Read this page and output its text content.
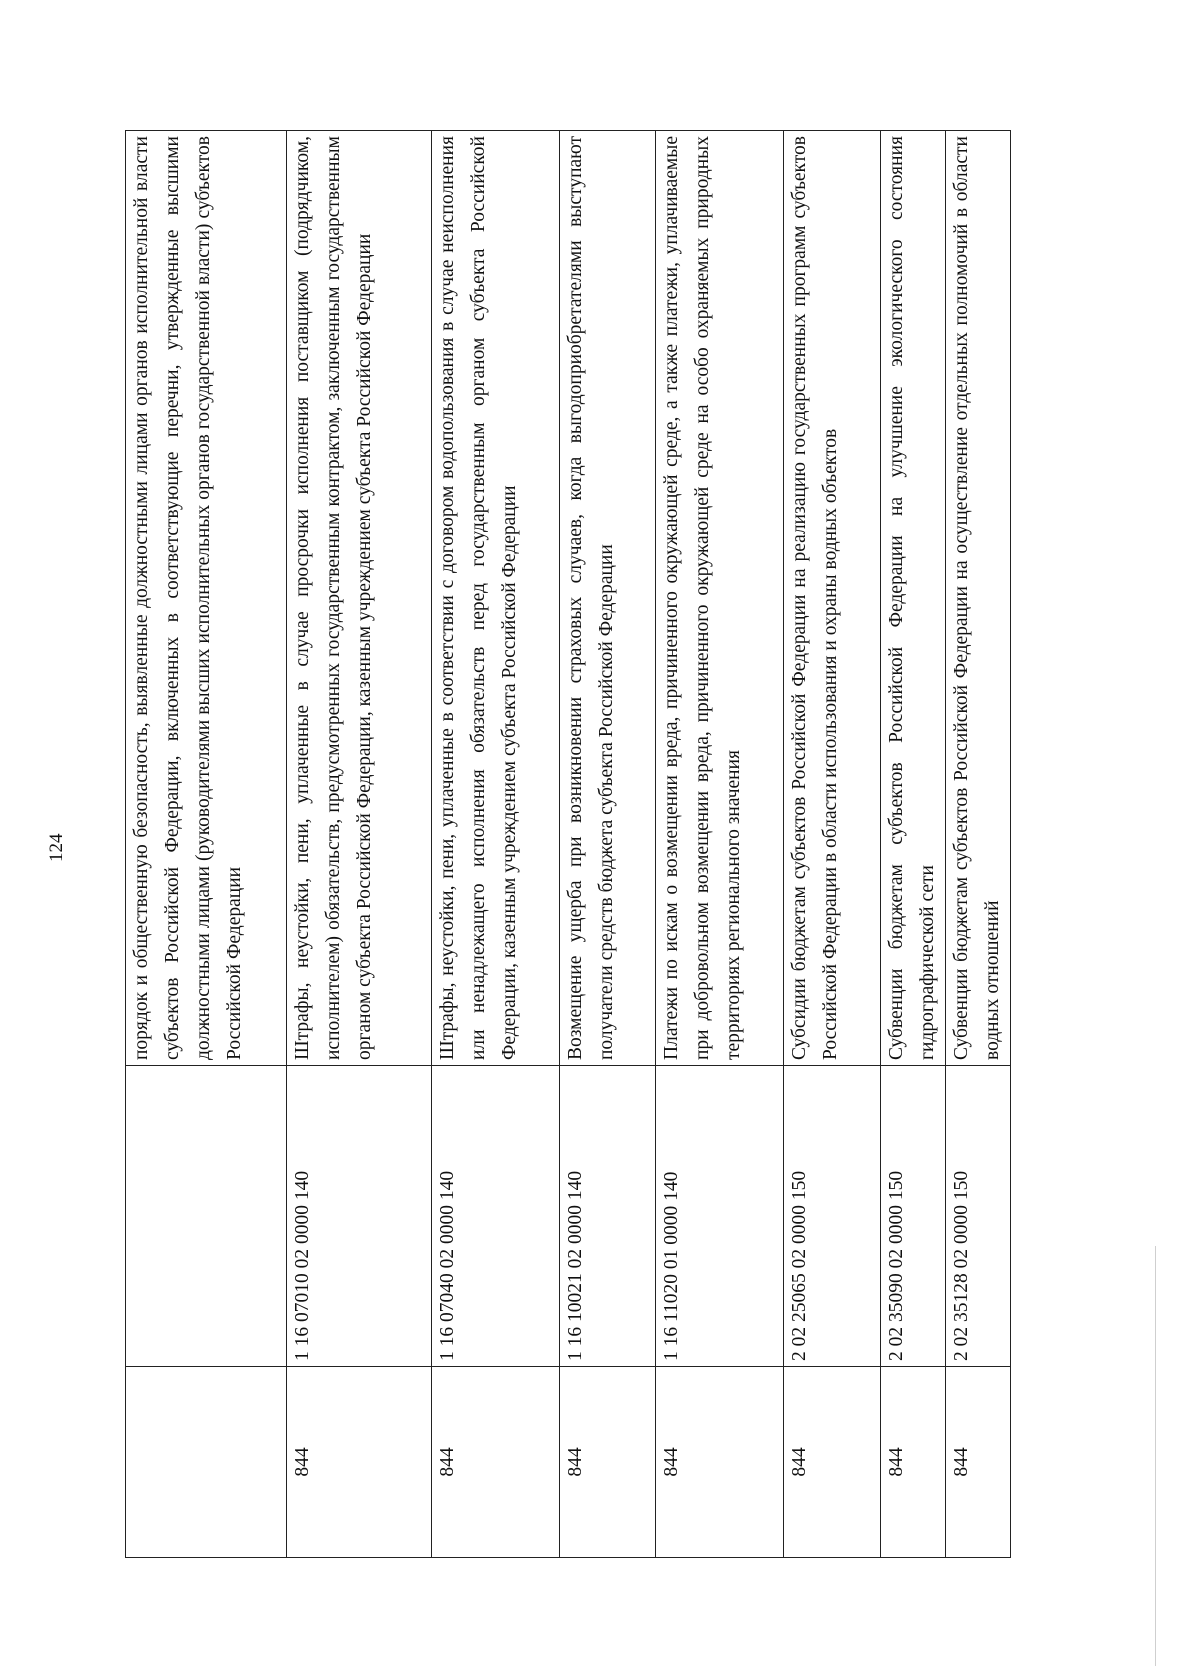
124
			порядок и общественную безопасность, выявленные должностными лицами органов исполнительной власти субъектов Российской Федерации, включенных в соответствующие перечни, утвержденные высшими должностными лицами (руководителями высших исполнительных органов государственной власти) субъектов Российской Федерации
844	1 16 07010 02 0000 140	Штрафы, неустойки, пени, уплаченные в случае просрочки исполнения поставщиком (подрядчиком, исполнителем) обязательств, предусмотренных государственным контрактом, заключенным государственным органом субъекта Российской Федерации, казенным учреждением субъекта Российской Федерации
844	1 16 07040 02 0000 140	Штрафы, неустойки, пени, уплаченные в соответствии с договором водопользования в случае неисполнения или ненадлежащего исполнения обязательств перед государственным органом субъекта Российской Федерации, казенным учреждением субъекта Российской Федерации
844	1 16 10021 02 0000 140	Возмещение ущерба при возникновении страховых случаев, когда выгодоприобретателями выступают получатели средств бюджета субъекта Российской Федерации
844	1 16 11020 01 0000 140	Платежи по искам о возмещении вреда, причиненного окружающей среде, а также платежи, уплачиваемые при добровольном возмещении вреда, причиненного окружающей среде на особо охраняемых природных территориях регионального значения
844	2 02 25065 02 0000 150	Субсидии бюджетам субъектов Российской Федерации на реализацию государственных программ субъектов Российской Федерации в области использования и охраны водных объектов
844	2 02 35090 02 0000 150	Субвенции бюджетам субъектов Российской Федерации на улучшение экологического состояния гидрографической сети
844	2 02 35128 02 0000 150	Субвенции бюджетам субъектов Российской Федерации на осуществление отдельных полномочий в области водных отношений
